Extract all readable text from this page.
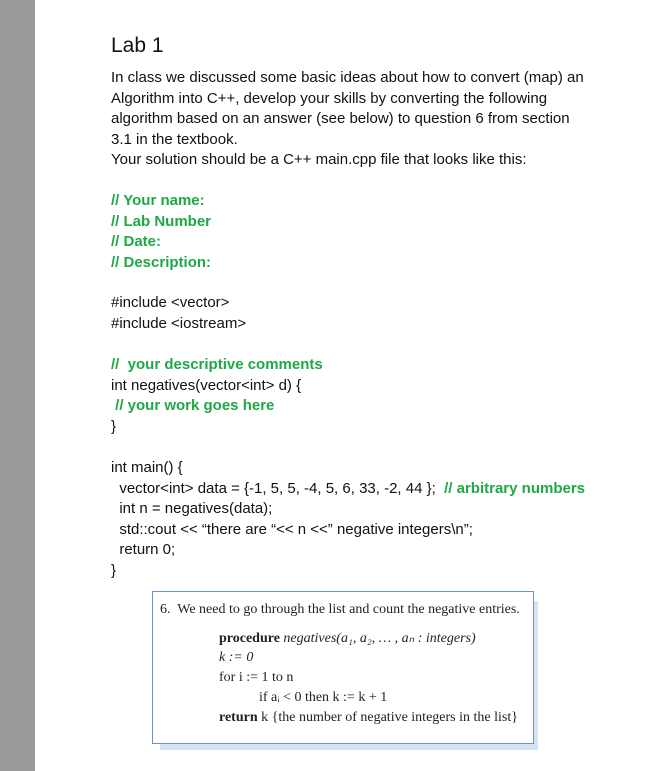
Lab 1
In class we discussed some basic ideas about how to convert (map) an
Algorithm into C++, develop your skills by converting the following
algorithm based on an answer (see below) to question 6 from section
3.1 in the textbook.
Your solution should be a C++ main.cpp file that looks like this:
// Your name:
// Lab Number
// Date:
// Description:
#include <vector>
#include <iostream>
//  your descriptive comments
int negatives(vector<int> d) {
// your work goes here
}
int main() {
vector<int> data = {-1, 5, 5, -4, 5, 6, 33, -2, 44 };  // arbitrary numbers
int n = negatives(data);
std::cout << “there are “<< n <<” negative integers\n”;
return 0;
}
6.  We need to go through the list and count the negative entries.
procedure negatives(a₁, a₂, … , aₙ : integers)
k := 0
for i := 1 to n
if aᵢ < 0 then k := k + 1
return k {the number of negative integers in the list}
